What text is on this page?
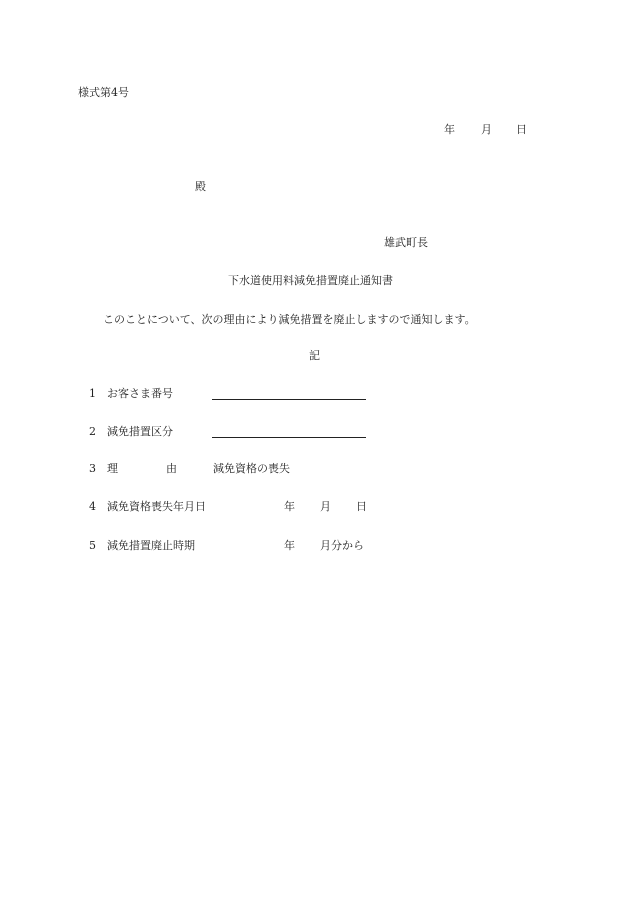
様式第4号
年 月 日
殿
雄武町長
下水道使用料減免措置廃止通知書
このことについて、次の理由により減免措置を廃止しますので通知します。
記
1 お客さま番号
2 減免措置区分
3 理	由	減免資格の喪失
4 減免資格喪失年月日	年 月 日
5 減免措置廃止時期	年 月分から
